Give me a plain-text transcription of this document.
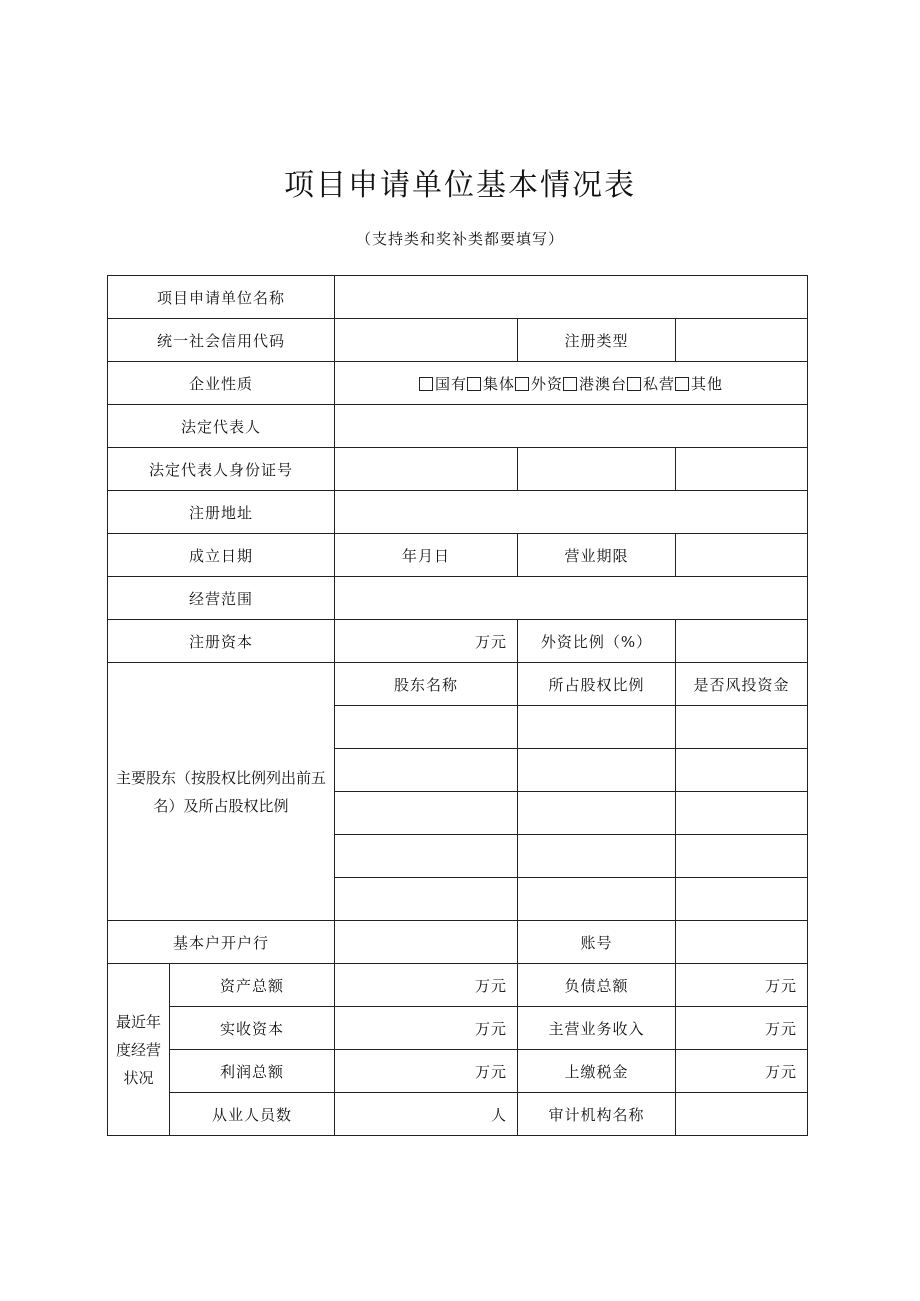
项目申请单位基本情况表
（支持类和奖补类都要填写）
项目申请单位名称				
统一社会信用代码			注册类型	
企业性质		国有 集体 外资 港澳台 私营 其他		
法定代表人				
法定代表人身份证号				
注册地址				
成立日期		年月日	营业期限	
经营范围				
注册资本		万元	外资比例（%）	
主要股东（按股权比例列出前五名）及所占股权比例		股东名称	所占股权比例	是否风投资金

基本户开户行			账号	
最近年度经营状况	资产总额	万元	负债总额	万元
	实收资本	万元	主营业务收入	万元
	利润总额	万元	上缴税金	万元
	从业人员数	人	审计机构名称	
